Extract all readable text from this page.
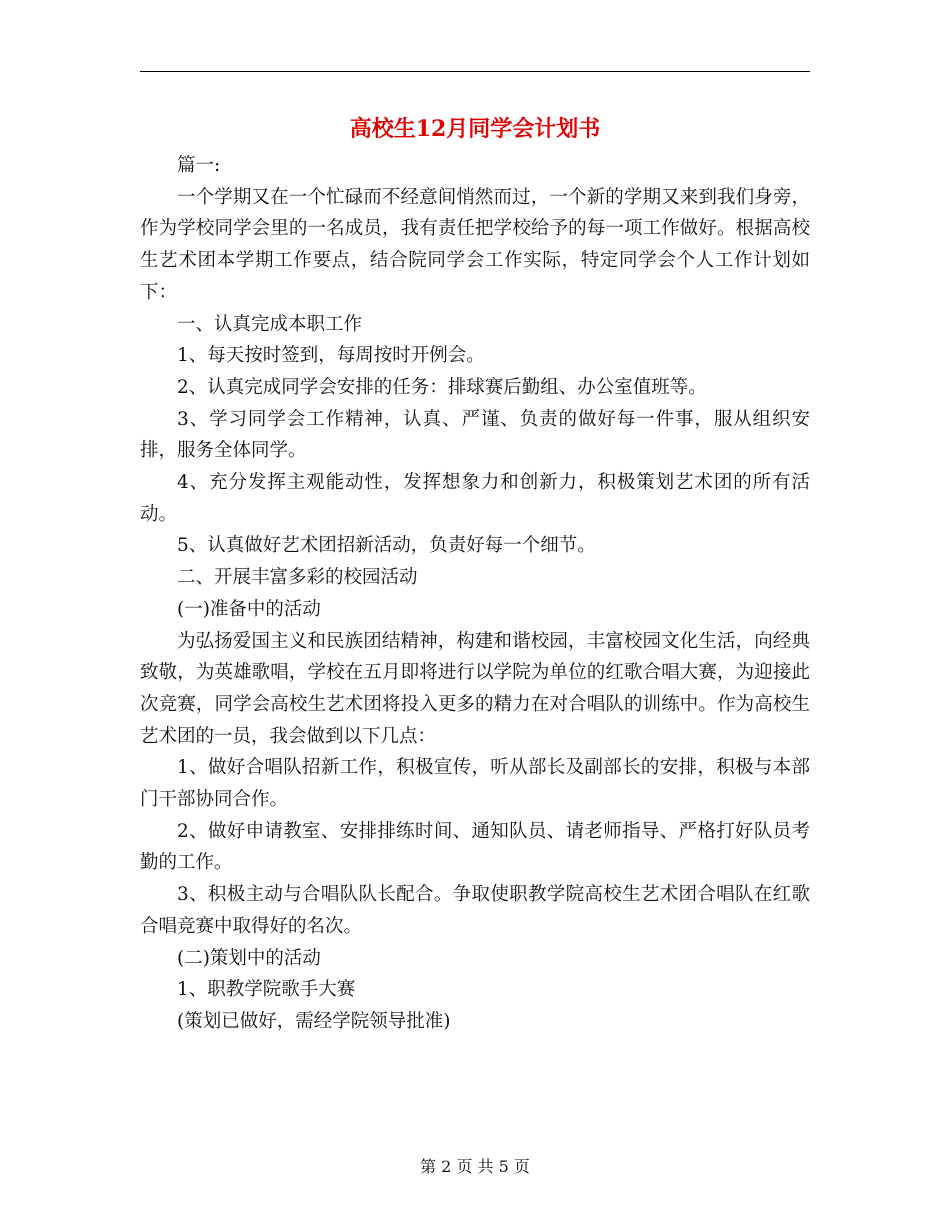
高校生12月同学会计划书

篇一:

一个学期又在一个忙碌而不经意间悄然而过，一个新的学期又来到我们身旁，作为学校同学会里的一名成员，我有责任把学校给予的每一项工作做好。根据高校生艺术团本学期工作要点，结合院同学会工作实际，特定同学会个人工作计划如下：

一、认真完成本职工作

1、每天按时签到，每周按时开例会。

2、认真完成同学会安排的任务：排球赛后勤组、办公室值班等。

3、学习同学会工作精神，认真、严谨、负责的做好每一件事，服从组织安排，服务全体同学。

4、充分发挥主观能动性，发挥想象力和创新力，积极策划艺术团的所有活动。

5、认真做好艺术团招新活动，负责好每一个细节。

二、开展丰富多彩的校园活动

(一)准备中的活动

为弘扬爱国主义和民族团结精神，构建和谐校园，丰富校园文化生活，向经典致敬，为英雄歌唱，学校在五月即将进行以学院为单位的红歌合唱大赛，为迎接此次竞赛，同学会高校生艺术团将投入更多的精力在对合唱队的训练中。作为高校生艺术团的一员，我会做到以下几点：

1、做好合唱队招新工作，积极宣传，听从部长及副部长的安排，积极与本部门干部协同合作。

2、做好申请教室、安排排练时间、通知队员、请老师指导、严格打好队员考勤的工作。

3、积极主动与合唱队队长配合。争取使职教学院高校生艺术团合唱队在红歌合唱竞赛中取得好的名次。

(二)策划中的活动

1、职教学院歌手大赛

(策划已做好，需经学院领导批准)

第 2 页 共 5 页
